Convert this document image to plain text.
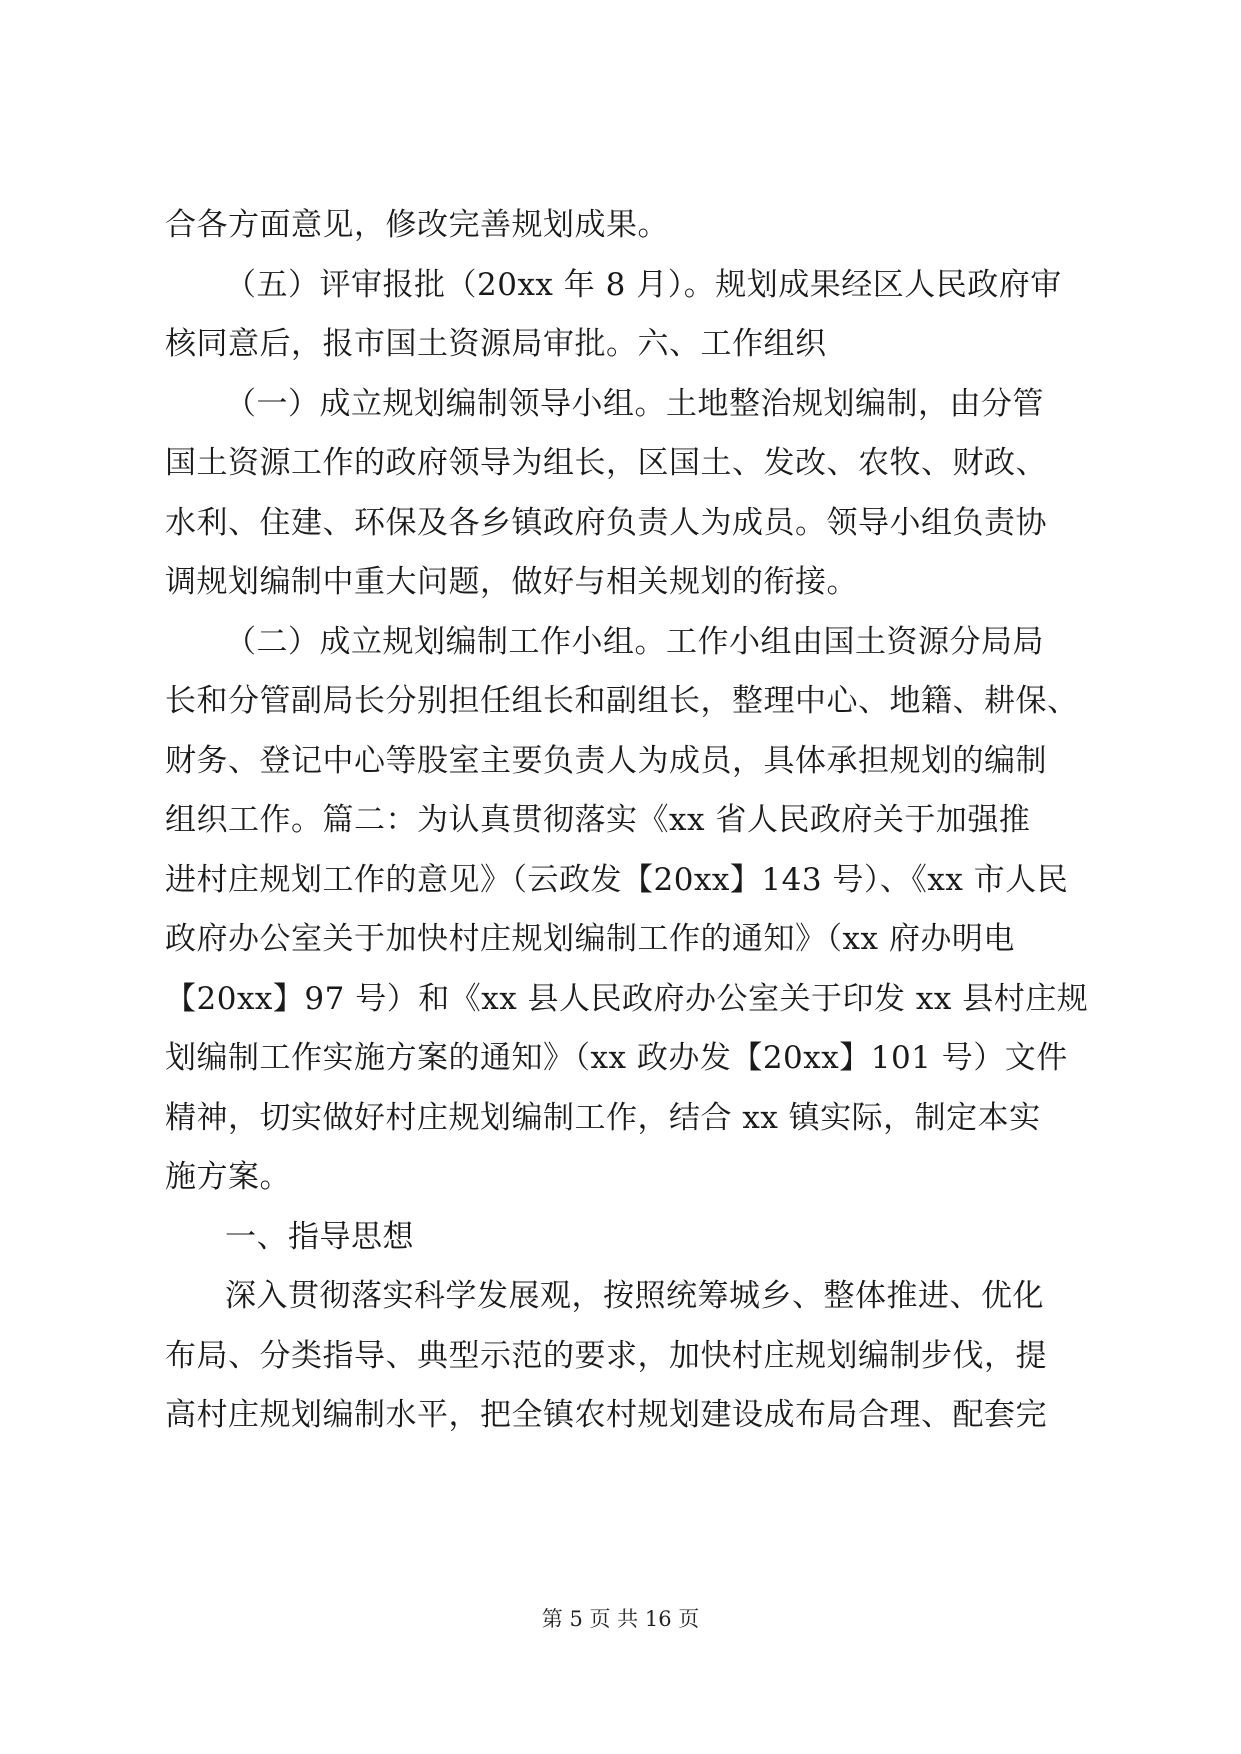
合各方面意见，修改完善规划成果。
（五）评审报批（20xx 年 8 月）。规划成果经区人民政府审
核同意后，报市国土资源局审批。六、工作组织
（一）成立规划编制领导小组。土地整治规划编制，由分管
国土资源工作的政府领导为组长，区国土、发改、农牧、财政、
水利、住建、环保及各乡镇政府负责人为成员。领导小组负责协
调规划编制中重大问题，做好与相关规划的衔接。
（二）成立规划编制工作小组。工作小组由国土资源分局局
长和分管副局长分别担任组长和副组长，整理中心、地籍、耕保、
财务、登记中心等股室主要负责人为成员，具体承担规划的编制
组织工作。篇二：为认真贯彻落实《xx 省人民政府关于加强推
进村庄规划工作的意见》（云政发【20xx】143 号）、《xx 市人民
政府办公室关于加快村庄规划编制工作的通知》（xx 府办明电
【20xx】97 号）和《xx 县人民政府办公室关于印发 xx 县村庄规
划编制工作实施方案的通知》（xx 政办发【20xx】101 号）文件
精神，切实做好村庄规划编制工作，结合 xx 镇实际，制定本实
施方案。
一、指导思想
深入贯彻落实科学发展观，按照统筹城乡、整体推进、优化
布局、分类指导、典型示范的要求，加快村庄规划编制步伐，提
高村庄规划编制水平，把全镇农村规划建设成布局合理、配套完
第 5 页 共 16 页
